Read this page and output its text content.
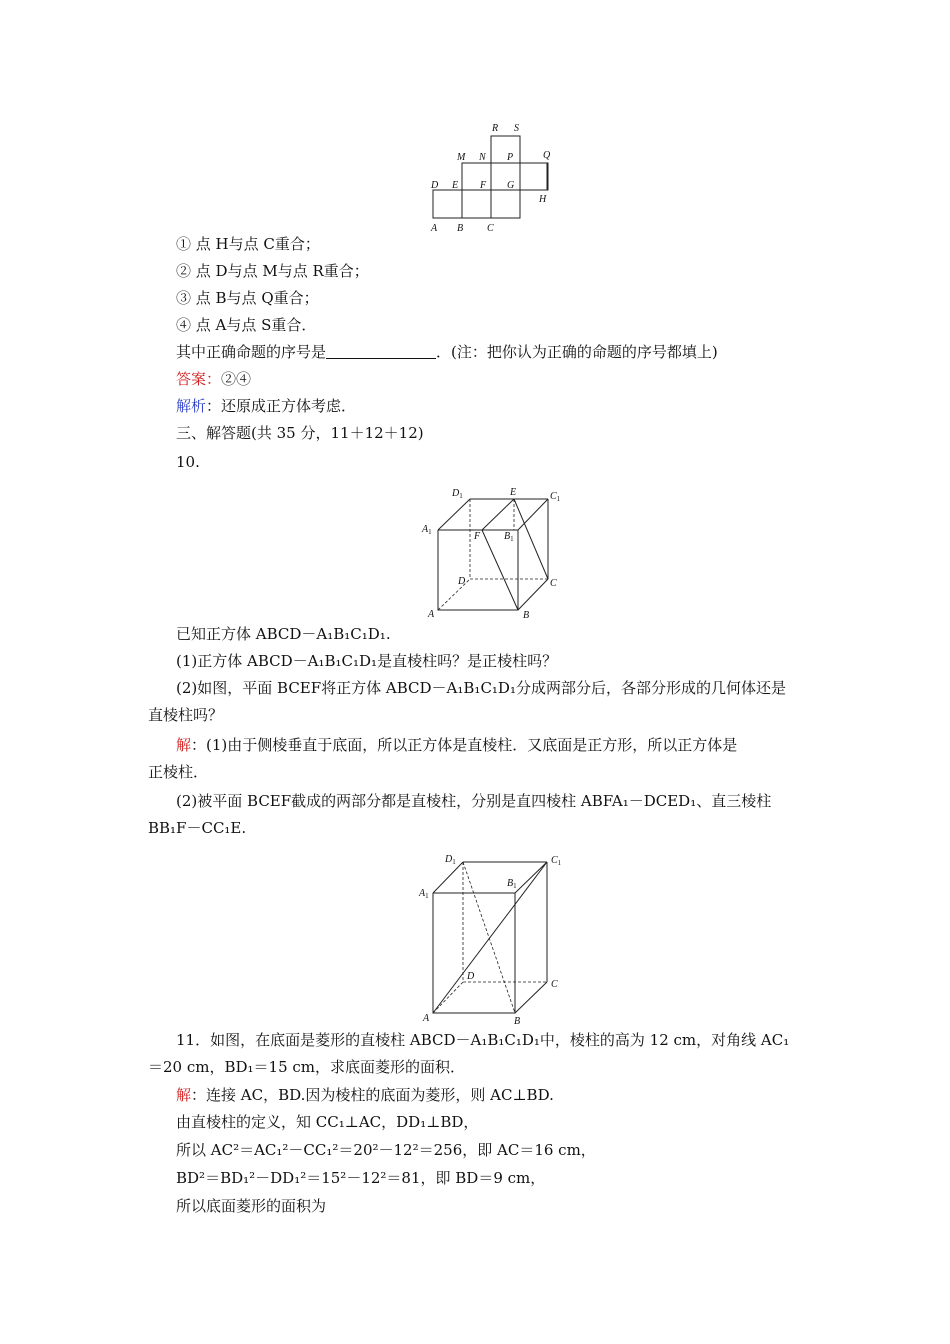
R S
M N P	Q
D E F G
H
A B C
① 点 H与点 C重合；
② 点 D与点 M与点 R重合；
③ 点 B与点 Q重合；
④ 点 A与点 S重合．
其中正确命题的序号是	．(注：把你认为正确的命题的序号都填上)
答案：②④
解析：还原成正方体考虑．
三、解答题(共 35 分，11＋12＋12)
10.
$D_1$	E	$C_1$
$A_1$	F $B_1$
D	C
A	B
已知正方体 ABCD－A₁B₁C₁D₁.
(1)正方体 ABCD－A₁B₁C₁D₁是直棱柱吗？是正棱柱吗？
(2)如图，平面 BCEF将正方体 ABCD－A₁B₁C₁D₁分成两部分后，各部分形成的几何体还是
直棱柱吗？
解：(1)由于侧棱垂直于底面，所以正方体是直棱柱．又底面是正方形，所以正方体是
正棱柱．
(2)被平面 BCEF截成的两部分都是直棱柱，分别是直四棱柱 ABFA₁－DCED₁、直三棱柱
BB₁F－CC₁E.
$D_1$	$C_1$
$A_1$
$B_1$
D
C
A	B
11．如图，在底面是菱形的直棱柱 ABCD－A₁B₁C₁D₁中，棱柱的高为 12 cm，对角线 AC₁
＝20 cm，BD₁＝15 cm，求底面菱形的面积．
解：连接 AC，BD.因为棱柱的底面为菱形，则 AC⊥BD.
由直棱柱的定义，知 CC₁⊥AC，DD₁⊥BD，
所以 AC²＝AC₁²－CC₁²＝20²－12²＝256，即 AC＝16 cm，
BD²＝BD₁²－DD₁²＝15²－12²＝81，即 BD＝9 cm，
所以底面菱形的面积为
